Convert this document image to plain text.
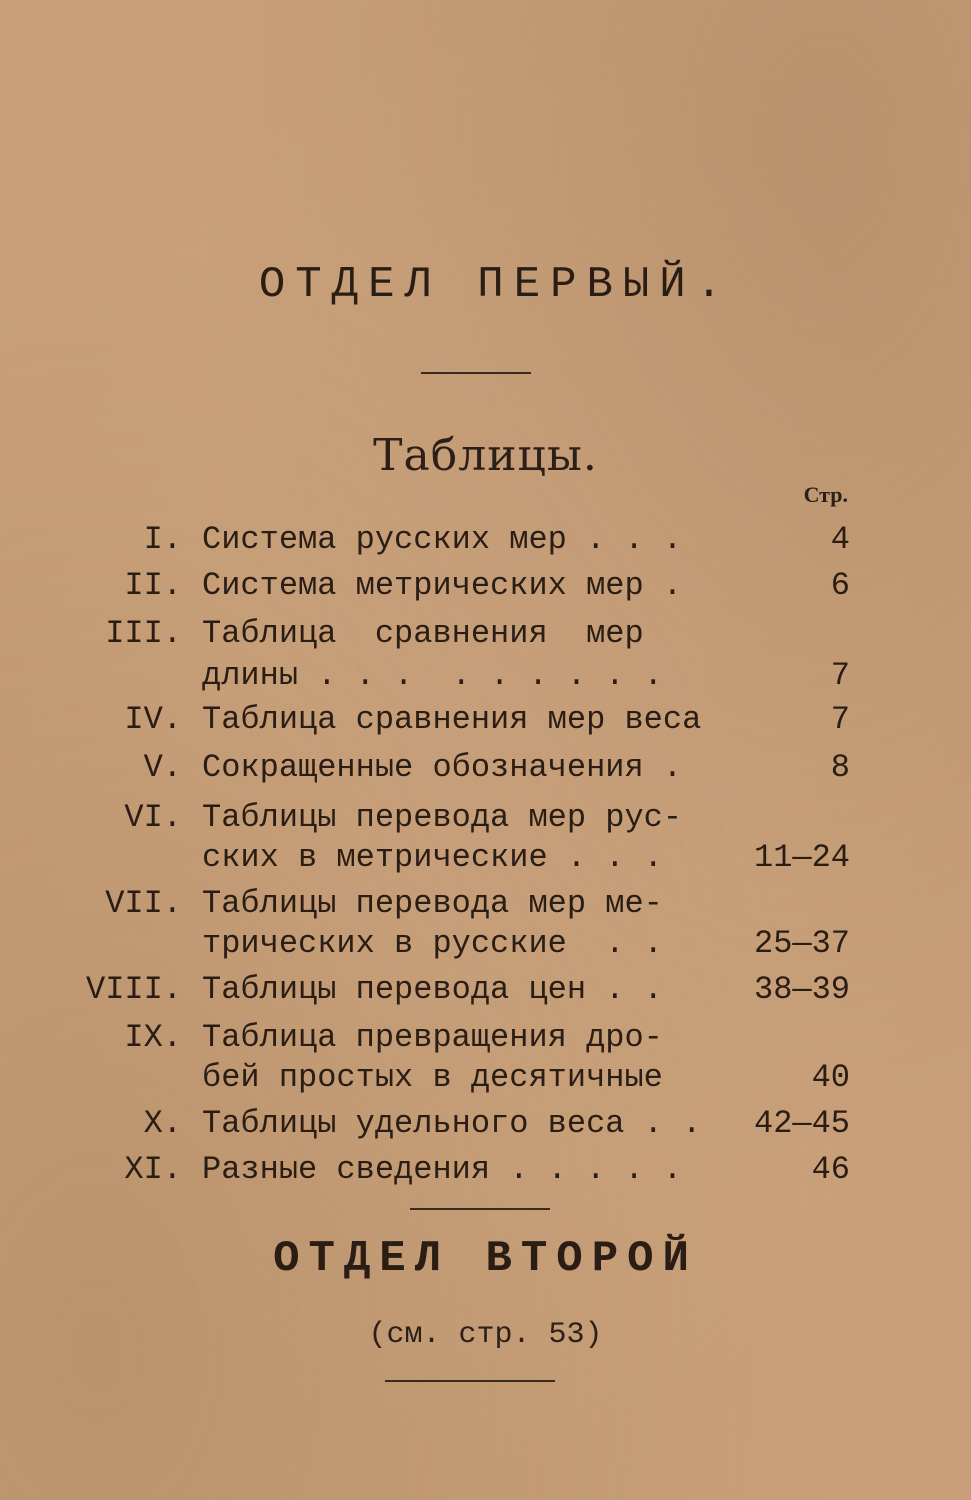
ОТДЕЛ ПЕРВЫЙ.
Таблицы.
Стр.
I. Система русских мер . . .	4
II. Система метрических мер .	6
III. Таблица  сравнения  мер
длины . . .  . . . . . .	7
IV. Таблица сравнения мер веса	7
V. Сокращенные обозначения .	8
VI. Таблицы перевода мер рус-
ских в метрические . . .	11—24
VII. Таблицы перевода мер ме-
трических в русские  . .	25—37
VIII. Таблицы перевода цен . .	38—39
IX. Таблица превращения дро-
бей простых в десятичные	40
X. Таблицы удельного веса . .	42—45
XI. Разные сведения . . . . .	46
ОТДЕЛ ВТОРОЙ
(см. стр. 53)
